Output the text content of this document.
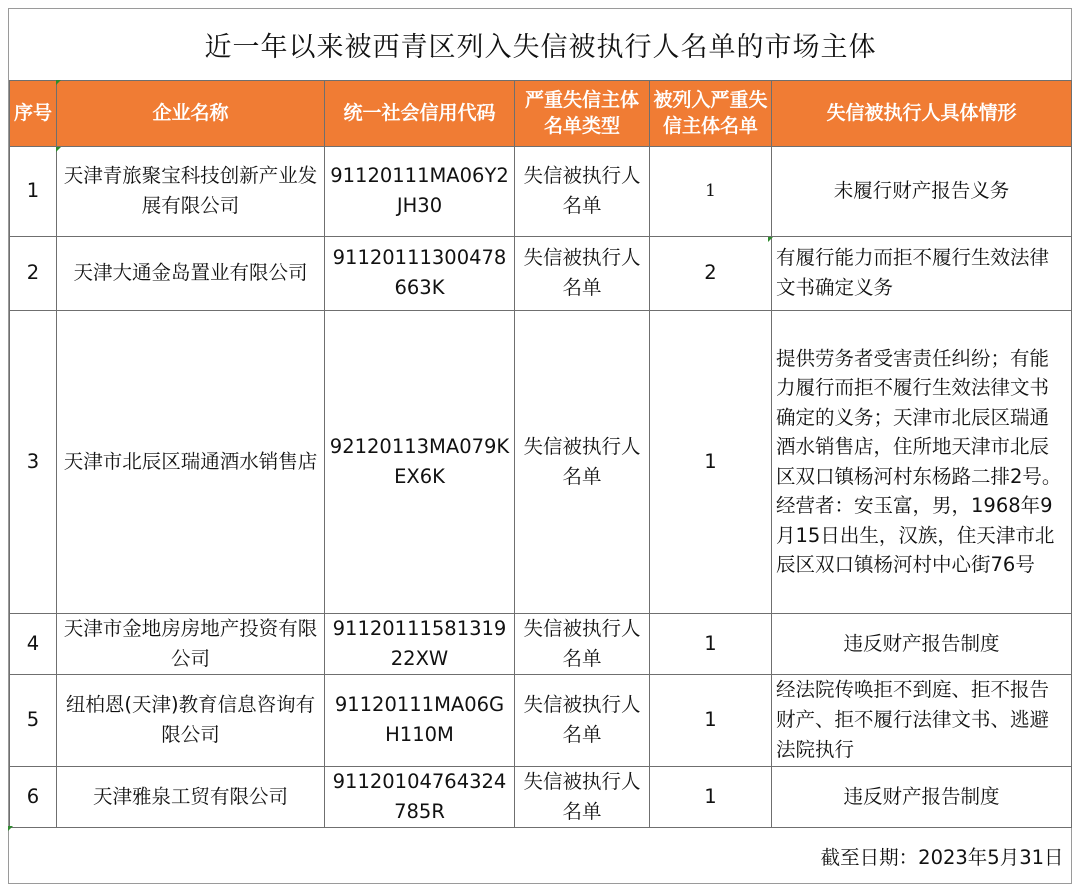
近一年以来被西青区列入失信被执行人名单的市场主体					
序号	企业名称	统一社会信用代码	严重失信主体名单类型	被列入严重失信主体名单	失信被执行人具体情形
1	天津青旅聚宝科技创新产业发展有限公司	91120111MA06Y2JH30	失信被执行人名单	1	未履行财产报告义务
2	天津大通金岛置业有限公司	91120111300478663K	失信被执行人名单	2	有履行能力而拒不履行生效法律文书确定义务
3	天津市北辰区瑞通酒水销售店	92120113MA079KEX6K	失信被执行人名单	1	提供劳务者受害责任纠纷；有能力履行而拒不履行生效法律文书确定的义务；天津市北辰区瑞通酒水销售店，住所地天津市北辰区双口镇杨河村东杨路二排2号。经营者：安玉富，男，1968年9月15日出生，汉族，住天津市北辰区双口镇杨河村中心街76号
4	天津市金地房房地产投资有限公司	9112011158131922XW	失信被执行人名单	1	违反财产报告制度
5	纽柏恩(天津)教育信息咨询有限公司	91120111MA06GH110M	失信被执行人名单	1	经法院传唤拒不到庭、拒不报告财产、拒不履行法律文书、逃避法院执行
6	天津雅泉工贸有限公司	91120104764324785R	失信被执行人名单	1	违反财产报告制度
截至日期：2023年5月31日					
